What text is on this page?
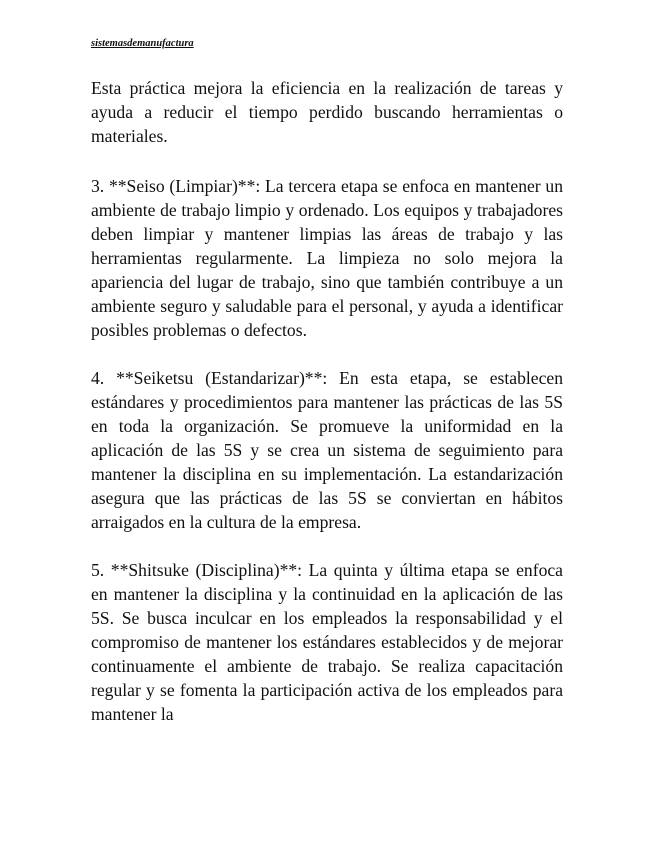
sistemasdemanufactura

Esta práctica mejora la eficiencia en la realización de tareas y ayuda a reducir el tiempo perdido buscando herramientas o materiales.

3. **Seiso (Limpiar)**: La tercera etapa se enfoca en mantener un ambiente de trabajo limpio y ordenado. Los equipos y trabajadores deben limpiar y mantener limpias las áreas de trabajo y las herramientas regularmente. La limpieza no solo mejora la apariencia del lugar de trabajo, sino que también contribuye a un ambiente seguro y saludable para el personal, y ayuda a identificar posibles problemas o defectos.

4. **Seiketsu (Estandarizar)**: En esta etapa, se establecen estándares y procedimientos para mantener las prácticas de las 5S en toda la organización. Se promueve la uniformidad en la aplicación de las 5S y se crea un sistema de seguimiento para mantener la disciplina en su implementación. La estandarización asegura que las prácticas de las 5S se conviertan en hábitos arraigados en la cultura de la empresa.

5. **Shitsuke (Disciplina)**: La quinta y última etapa se enfoca en mantener la disciplina y la continuidad en la aplicación de las 5S. Se busca inculcar en los empleados la responsabilidad y el compromiso de mantener los estándares establecidos y de mejorar continuamente el ambiente de trabajo. Se realiza capacitación regular y se fomenta la participación activa de los empleados para mantener la
